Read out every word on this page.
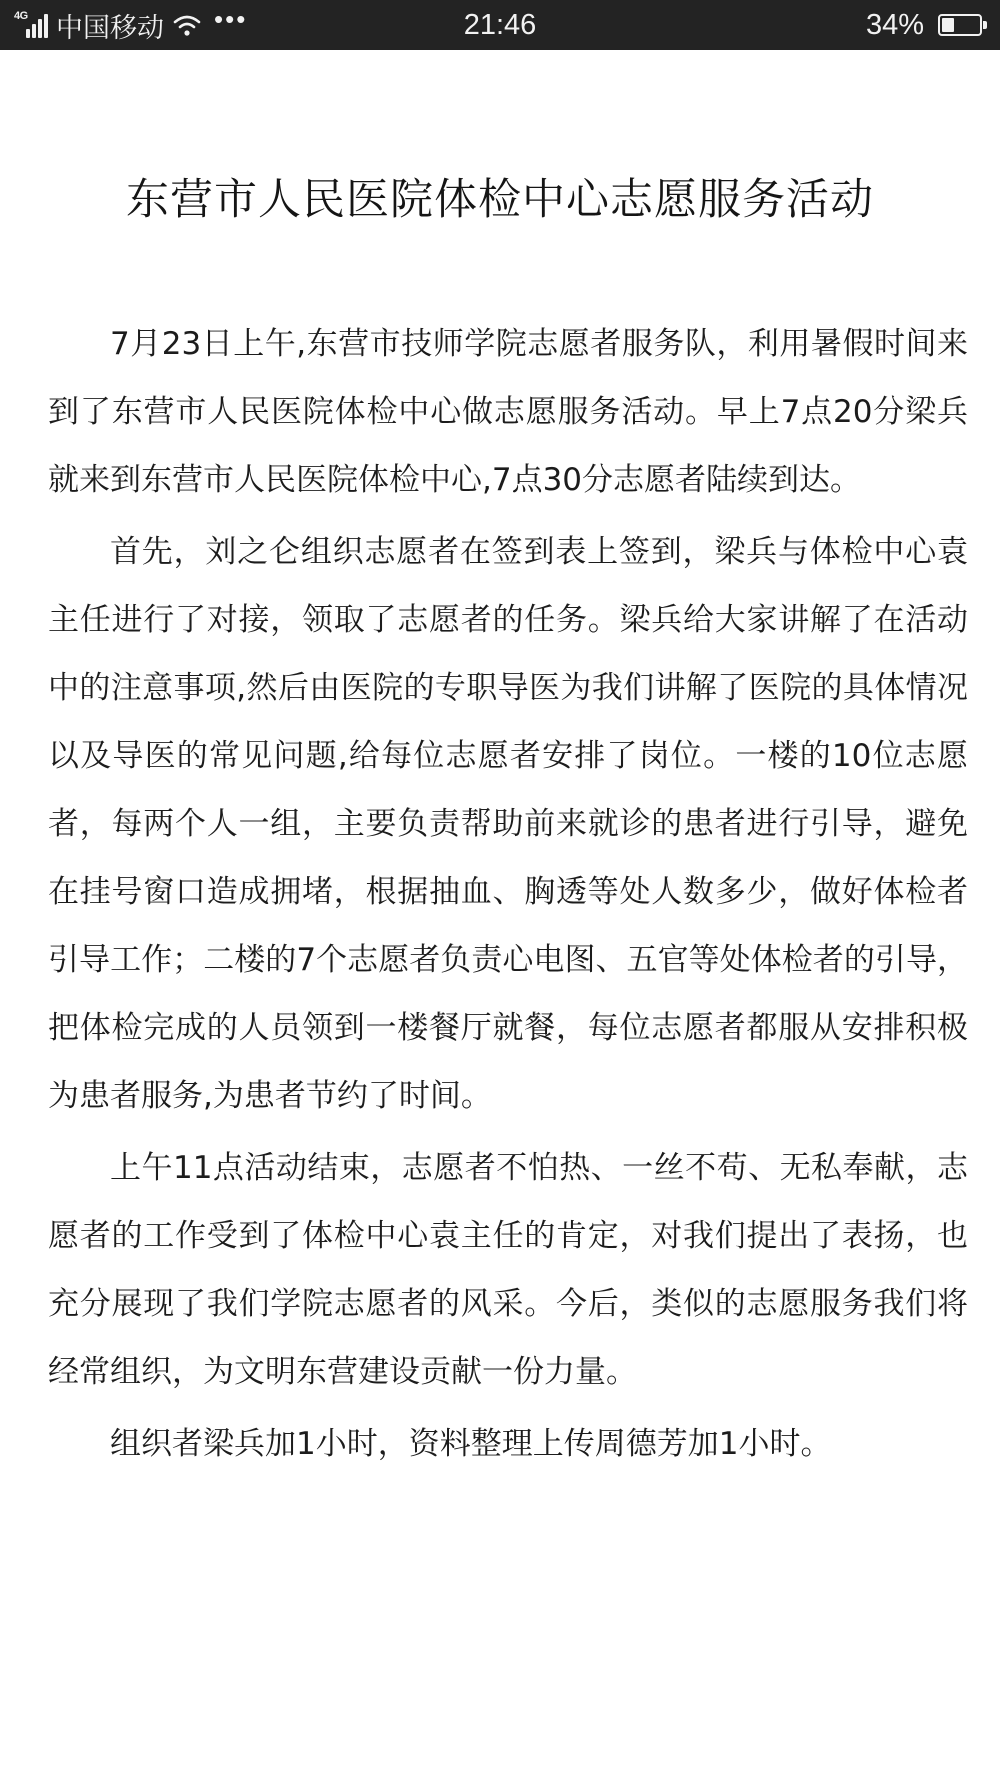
4G 中国移动 •••	21:46	34%
东营市人民医院体检中心志愿服务活动

7月23日上午,东营市技师学院志愿者服务队，利用暑假时间来到了东营市人民医院体检中心做志愿服务活动。早上7点20分梁兵就来到东营市人民医院体检中心,7点30分志愿者陆续到达。

首先，刘之仑组织志愿者在签到表上签到，梁兵与体检中心袁主任进行了对接，领取了志愿者的任务。梁兵给大家讲解了在活动中的注意事项,然后由医院的专职导医为我们讲解了医院的具体情况以及导医的常见问题,给每位志愿者安排了岗位。一楼的10位志愿者，每两个人一组，主要负责帮助前来就诊的患者进行引导，避免在挂号窗口造成拥堵，根据抽血、胸透等处人数多少，做好体检者引导工作；二楼的7个志愿者负责心电图、五官等处体检者的引导，把体检完成的人员领到一楼餐厅就餐，每位志愿者都服从安排积极为患者服务,为患者节约了时间。

上午11点活动结束，志愿者不怕热、一丝不苟、无私奉献，志愿者的工作受到了体检中心袁主任的肯定，对我们提出了表扬，也充分展现了我们学院志愿者的风采。今后，类似的志愿服务我们将经常组织，为文明东营建设贡献一份力量。

组织者梁兵加1小时，资料整理上传周德芳加1小时。
